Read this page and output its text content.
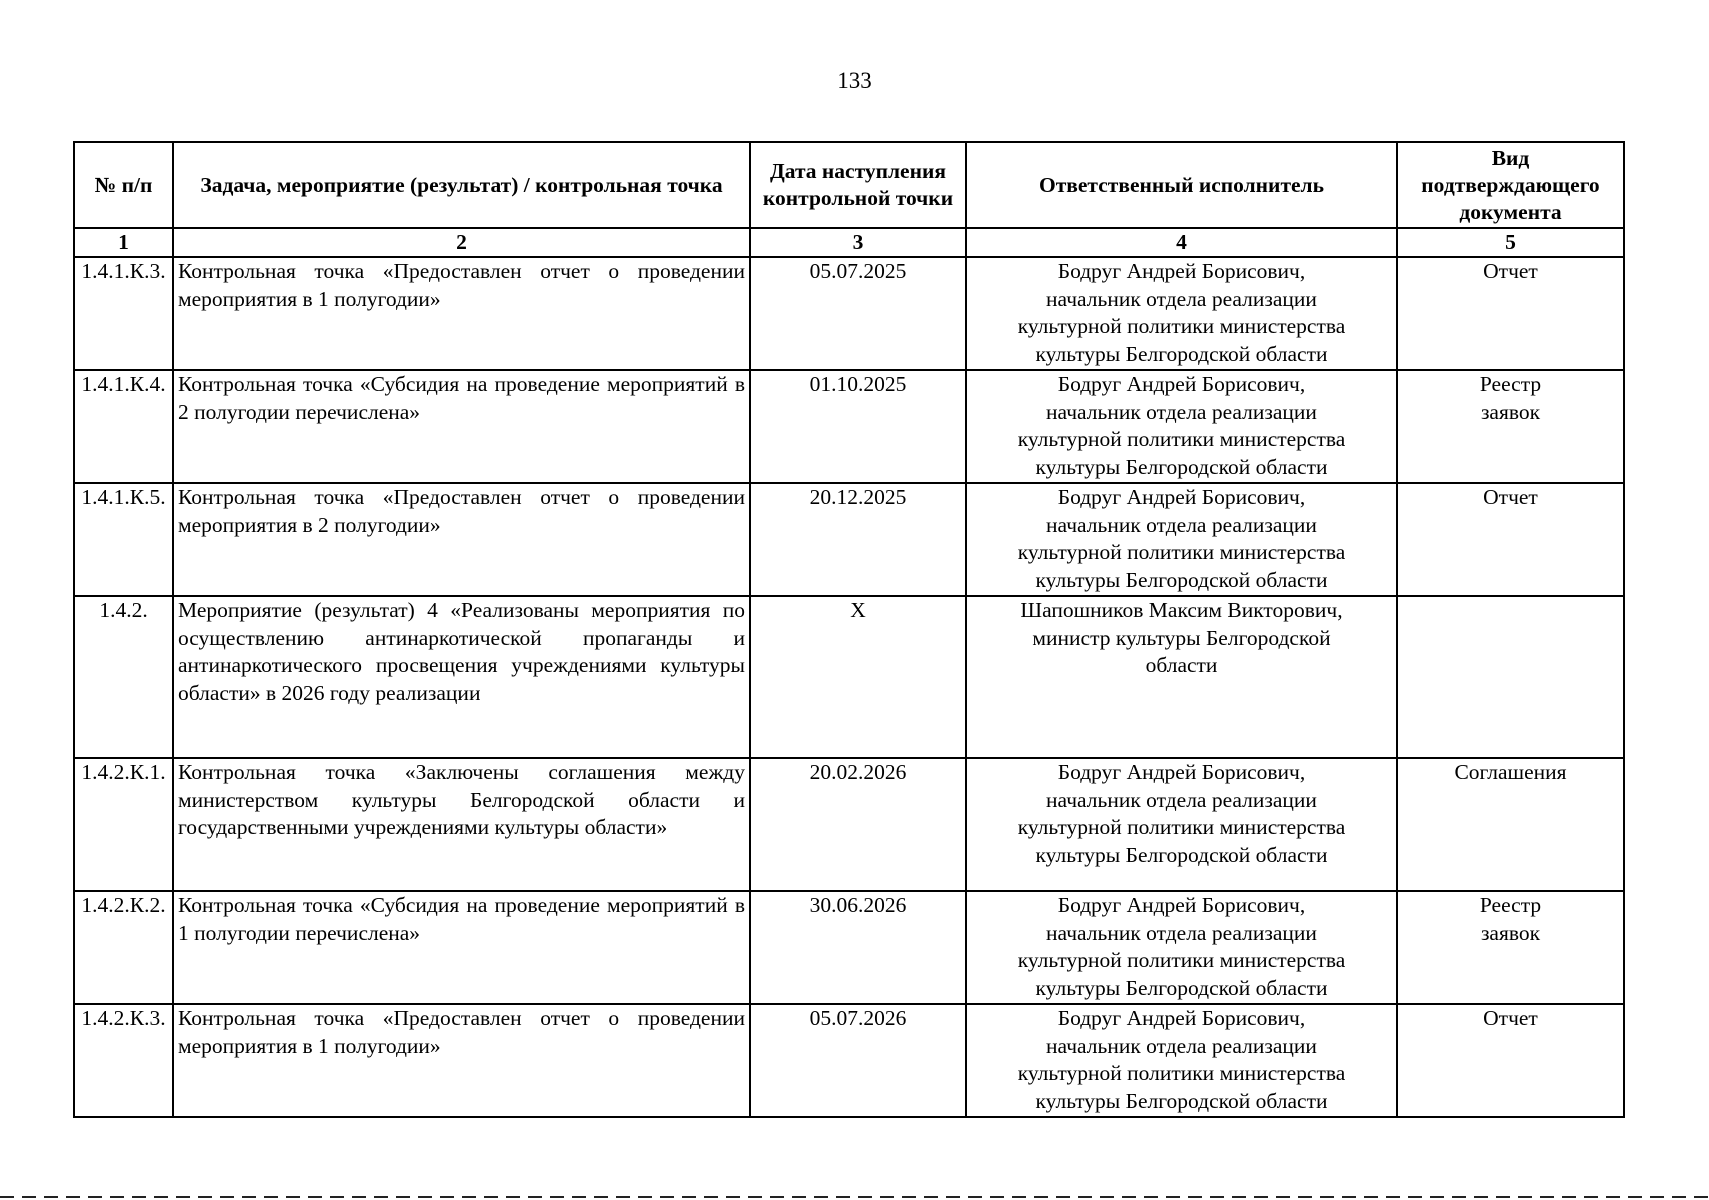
133
№ п/п	Задача, мероприятие (результат) / контрольная точка	Дата наступления контрольной точки	Ответственный исполнитель	Вид подтверждающего документа
1	2	3	4	5
1.4.1.К.3.	Контрольная точка «Предоставлен отчет о проведении мероприятия в 1 полугодии»	05.07.2025	Бодруг Андрей Борисович,
начальник отдела реализации
культурной политики министерства
культуры Белгородской области	Отчет

1.4.1.К.4.	Контрольная точка «Субсидия на проведение мероприятий в 2 полугодии перечислена»	01.10.2025	Бодруг Андрей Борисович,
начальник отдела реализации
культурной политики министерства
культуры Белгородской области	Реестр
заявок

1.4.1.К.5.	Контрольная точка «Предоставлен отчет о проведении мероприятия в 2 полугодии»	20.12.2025	Бодруг Андрей Борисович,
начальник отдела реализации
культурной политики министерства
культуры Белгородской области	Отчет

1.4.2.	Мероприятие (результат) 4 «Реализованы мероприятия по осуществлению антинаркотической пропаганды и антинаркотического просвещения учреждениями культуры области» в 2026 году реализации	Х	Шапошников Максим Викторович,
министр культуры Белгородской
области	

1.4.2.К.1.	Контрольная точка «Заключены соглашения между министерством культуры Белгородской области и государственными учреждениями культуры области»	20.02.2026	Бодруг Андрей Борисович,
начальник отдела реализации
культурной политики министерства
культуры Белгородской области	Соглашения

1.4.2.К.2.	Контрольная точка «Субсидия на проведение мероприятий в 1 полугодии перечислена»	30.06.2026	Бодруг Андрей Борисович,
начальник отдела реализации
культурной политики министерства
культуры Белгородской области	Реестр
заявок

1.4.2.К.3.	Контрольная точка «Предоставлен отчет о проведении мероприятия в 1 полугодии»	05.07.2026	Бодруг Андрей Борисович,
начальник отдела реализации
культурной политики министерства
культуры Белгородской области	Отчет
